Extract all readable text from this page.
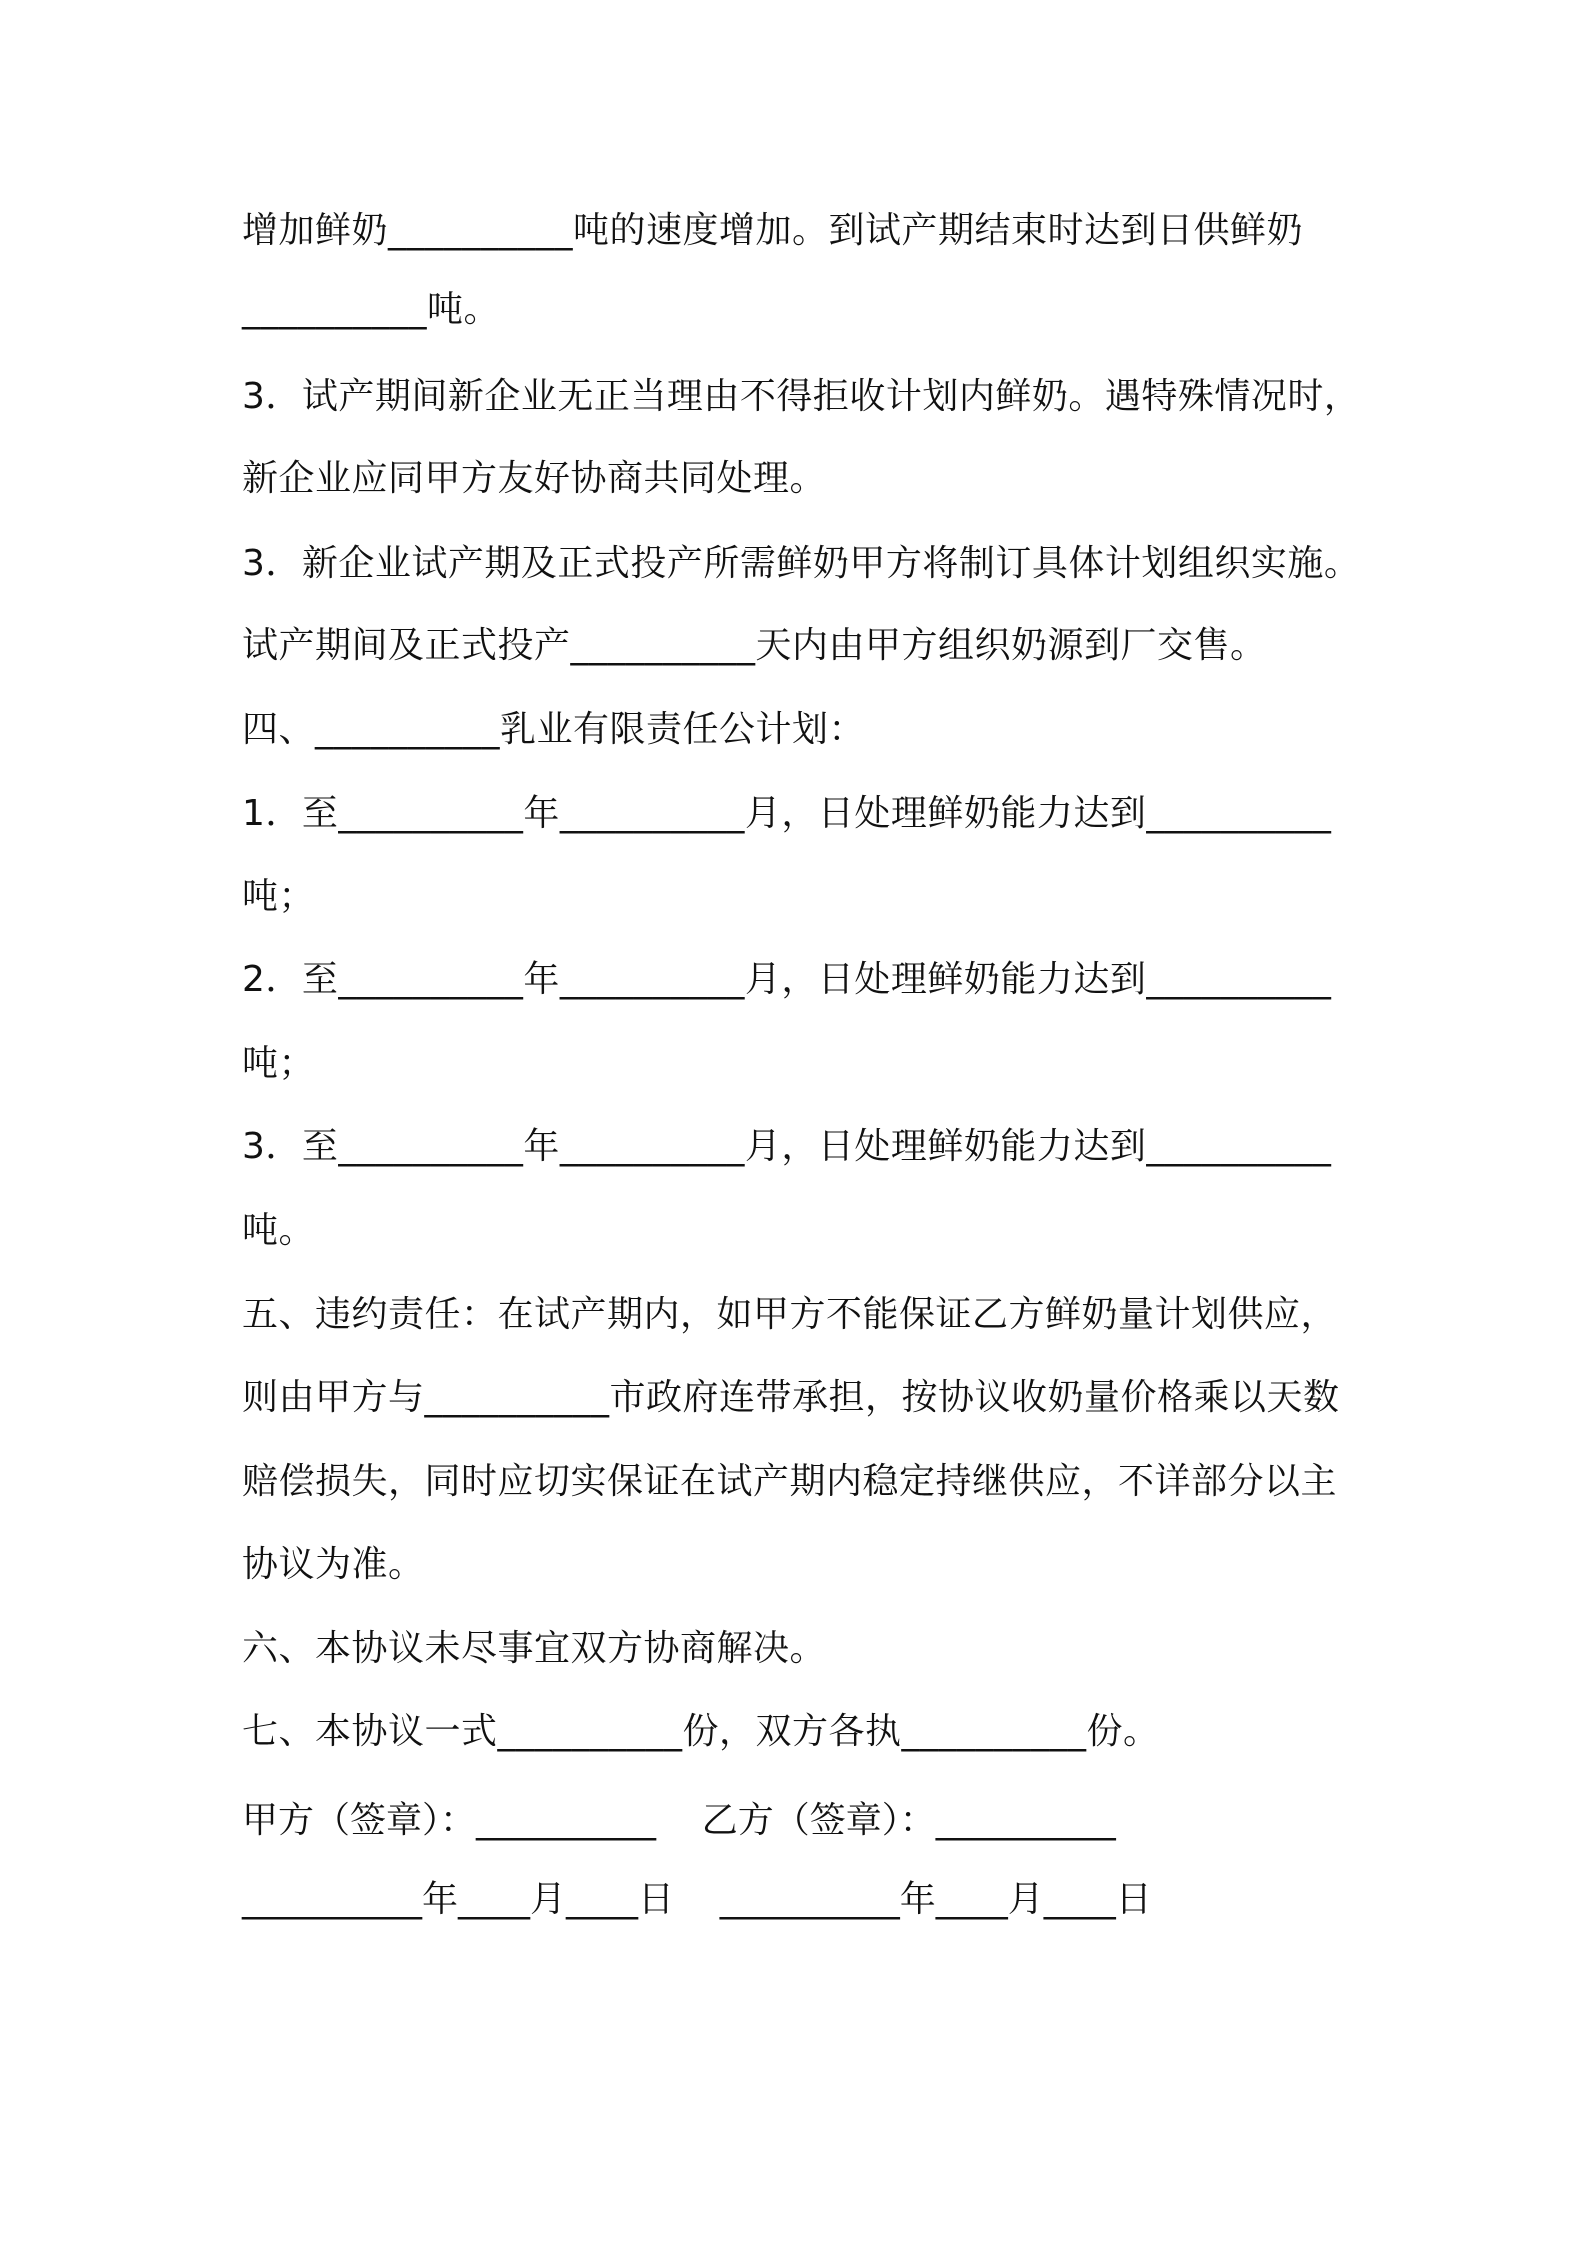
增加鲜奶__________吨的速度增加。到试产期结束时达到日供鲜奶
__________吨。
3．试产期间新企业无正当理由不得拒收计划内鲜奶。遇特殊情况时，
新企业应同甲方友好协商共同处理。
3．新企业试产期及正式投产所需鲜奶甲方将制订具体计划组织实施。
试产期间及正式投产__________天内由甲方组织奶源到厂交售。
四、__________乳业有限责任公计划：
1．至__________年__________月，日处理鲜奶能力达到__________
吨；
2．至__________年__________月，日处理鲜奶能力达到__________
吨；
3．至__________年__________月，日处理鲜奶能力达到__________
吨。
五、违约责任：在试产期内，如甲方不能保证乙方鲜奶量计划供应，
则由甲方与__________市政府连带承担，按协议收奶量价格乘以天数
赔偿损失，同时应切实保证在试产期内稳定持继供应，不详部分以主
协议为准。
六、本协议未尽事宜双方协商解决。
七、本协议一式__________份，双方各执__________份。
甲方（签章）：__________    乙方（签章）：__________
__________年____月____日    __________年____月____日
